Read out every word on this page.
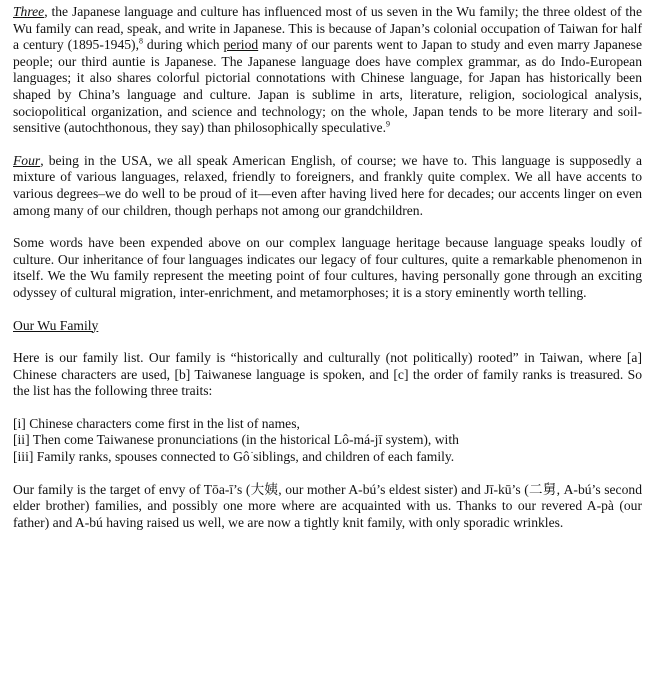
Three, the Japanese language and culture has influenced most of us seven in the Wu family; the three oldest of the Wu family can read, speak, and write in Japanese. This is because of Japan’s colonial occupation of Taiwan for half a century (1895-1945),$^8$ during which period many of our parents went to Japan to study and even marry Japanese people; our third auntie is Japanese. The Japanese language does have complex grammar, as do Indo-European languages; it also shares colorful pictorial connotations with Chinese language, for Japan has historically been shaped by China’s language and culture. Japan is sublime in arts, literature, religion, sociological analysis, sociopolitical organization, and science and technology; on the whole, Japan tends to be more literary and soil-sensitive (autochthonous, they say) than philosophically speculative.$^9$

Four, being in the USA, we all speak American English, of course; we have to. This language is supposedly a mixture of various languages, relaxed, friendly to foreigners, and frankly quite complex. We all have accents to various degrees–we do well to be proud of it—even after having lived here for decades; our accents linger on even among many of our children, though perhaps not among our grandchildren.

Some words have been expended above on our complex language heritage because language speaks loudly of culture. Our inheritance of four languages indicates our legacy of four cultures, quite a remarkable phenomenon in itself. We the Wu family represent the meeting point of four cultures, having personally gone through an exciting odyssey of cultural migration, inter-enrichment, and metamorphoses; it is a story eminently worth telling.

Our Wu Family

Here is our family list. Our family is “historically and culturally (not politically) rooted” in Taiwan, where [a] Chinese characters are used, [b] Taiwanese language is spoken, and [c] the order of family ranks is treasured. So the list has the following three traits:

[i] Chinese characters come first in the list of names,
[ii] Then come Taiwanese pronunciations (in the historical Lô-má-jī system), with
[iii] Family ranks, spouses connected to Gô͘ siblings, and children of each family.

Our family is the target of envy of Tōa-ī’s (大姨, our mother A-bú’s eldest sister) and Jī-kū’s (二舅, A-bú’s second elder brother) families, and possibly one more where are acquainted with us. Thanks to our revered A-pà (our father) and A-bú having raised us well, we are now a tightly knit family, with only sporadic wrinkles.
